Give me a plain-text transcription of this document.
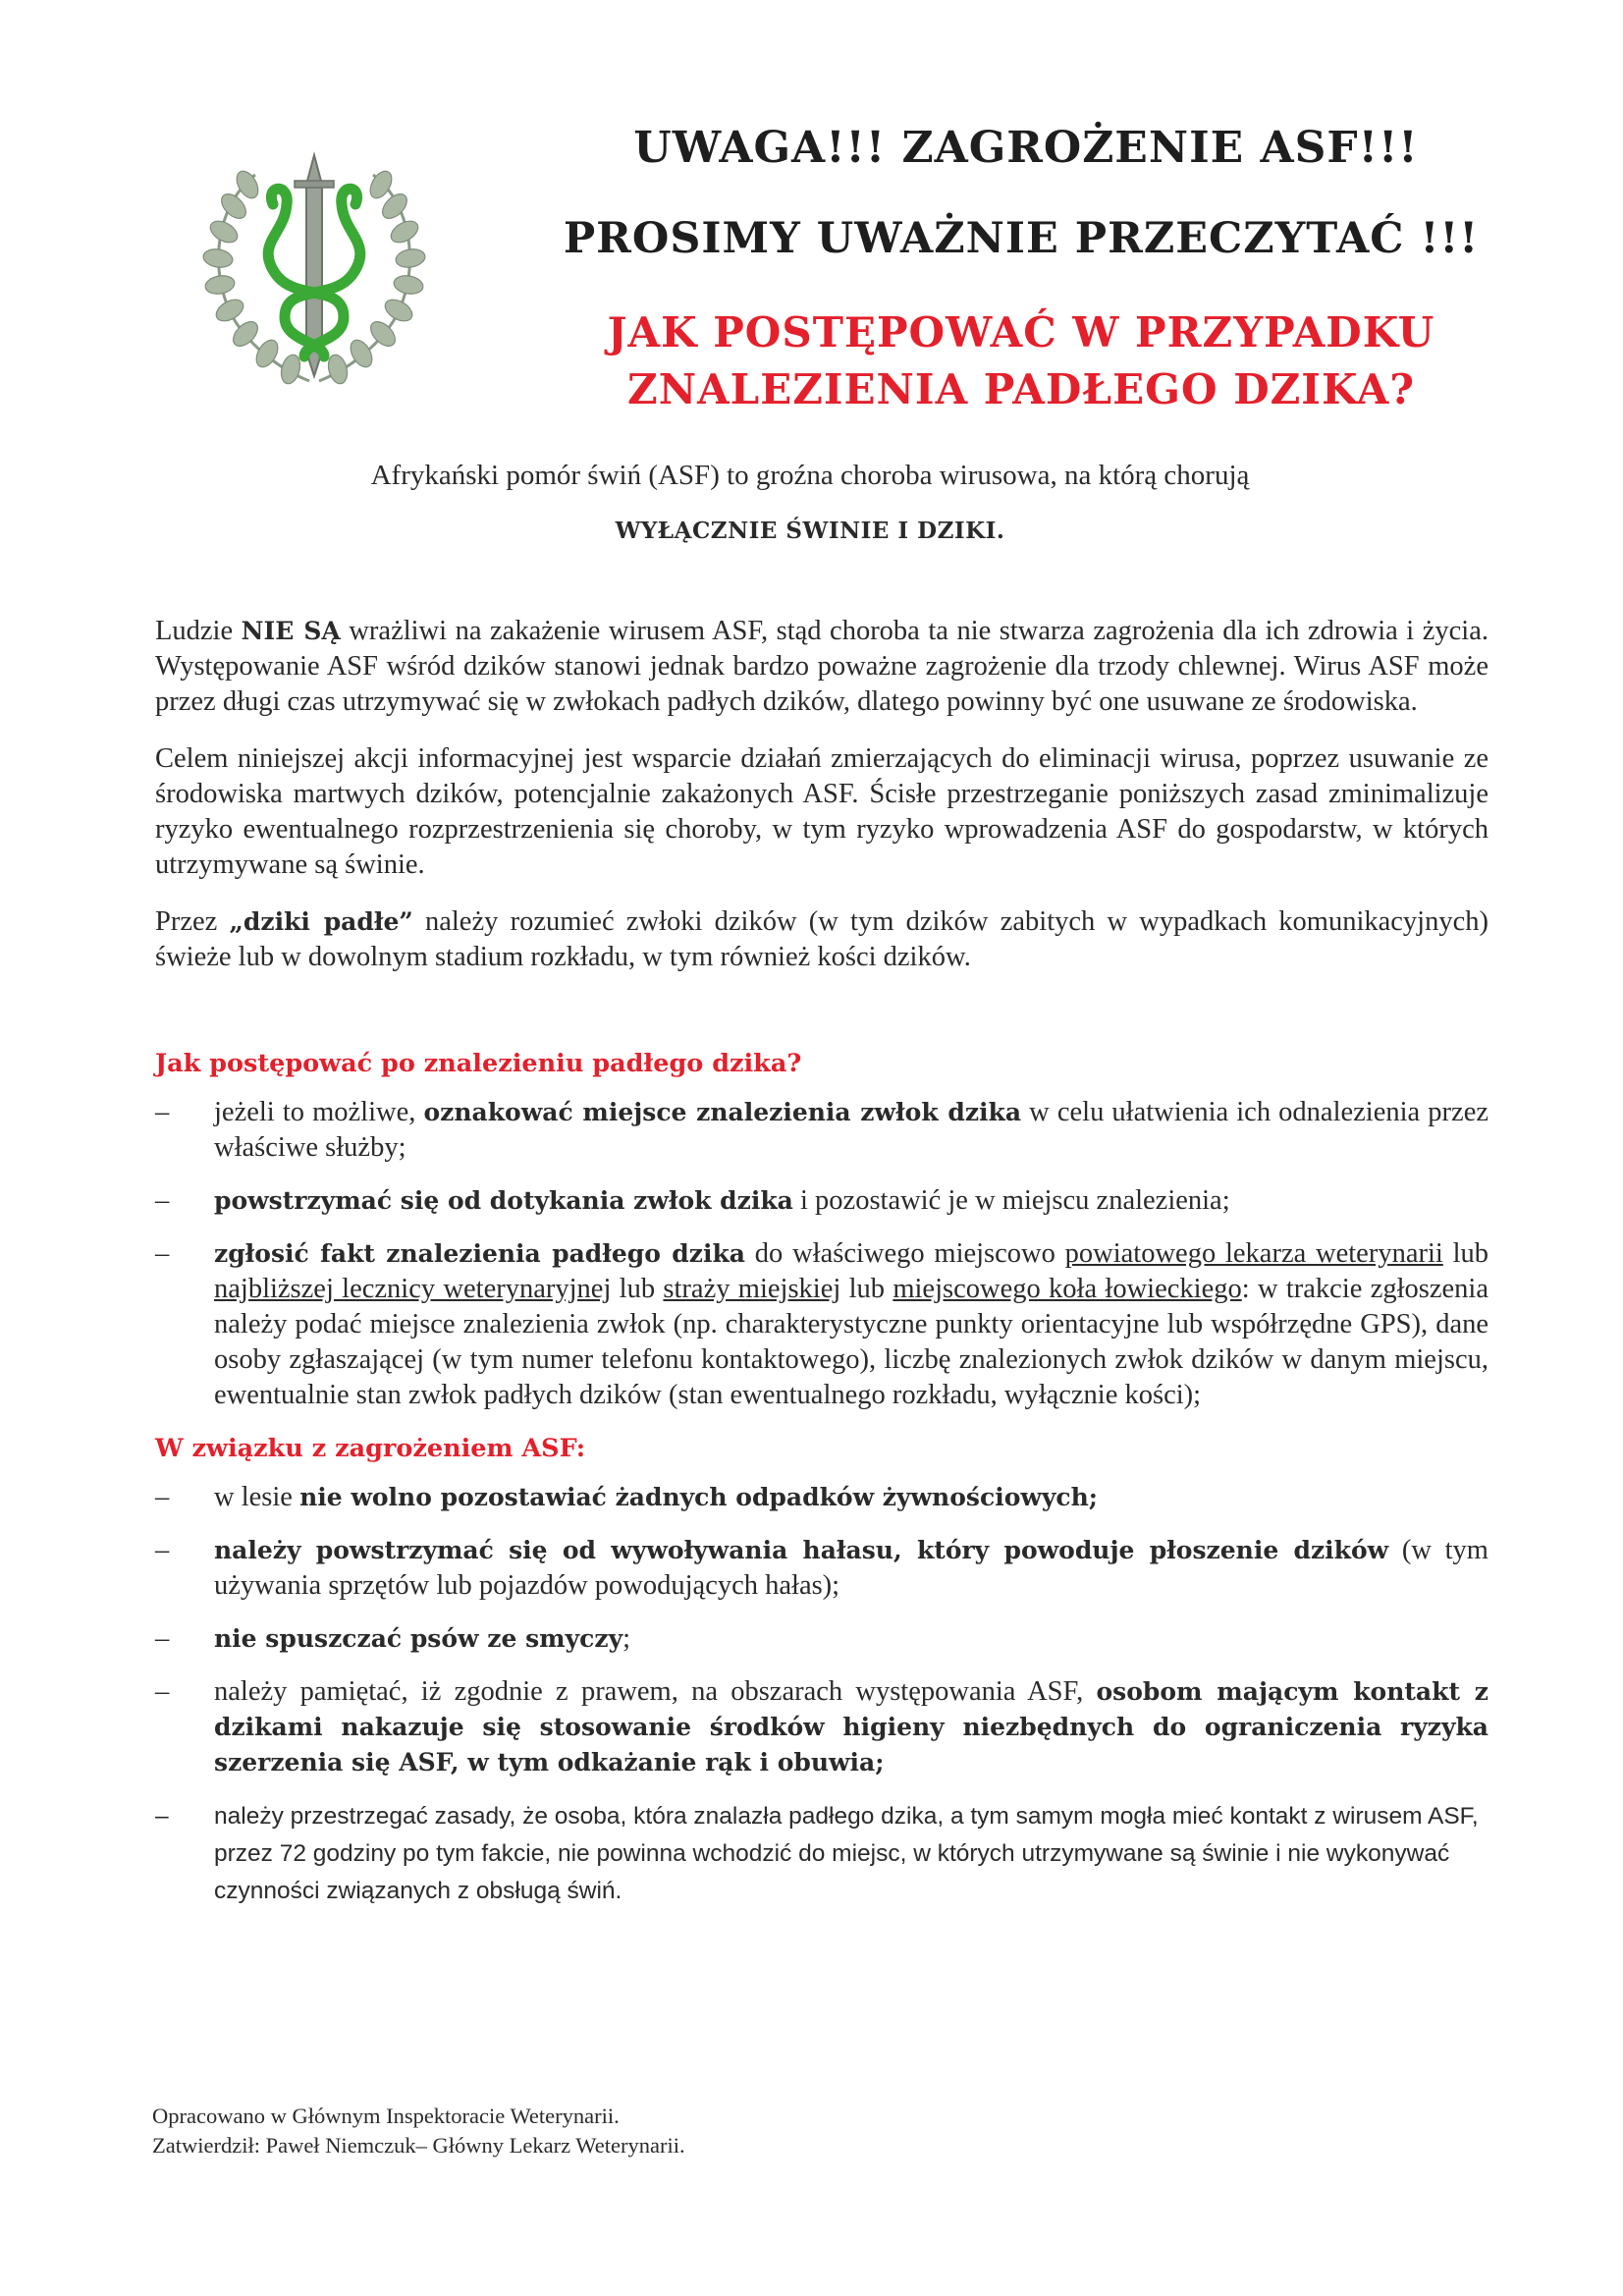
UWAGA!!! ZAGROŻENIE ASF!!!
PROSIMY UWAŻNIE PRZECZYTAĆ !!!
JAK POSTĘPOWAĆ W PRZYPADKU
ZNALEZIENIA PADŁEGO DZIKA?
Afrykański pomór świń (ASF) to groźna choroba wirusowa, na którą chorują
WYŁĄCZNIE ŚWINIE I DZIKI.

Ludzie NIE SĄ wrażliwi na zakażenie wirusem ASF, stąd choroba ta nie stwarza zagrożenia dla ich zdrowia i życia. Występowanie ASF wśród dzików stanowi jednak bardzo poważne zagrożenie dla trzody chlewnej. Wirus ASF może przez długi czas utrzymywać się w zwłokach padłych dzików, dlatego powinny być one usuwane ze środowiska.

Celem niniejszej akcji informacyjnej jest wsparcie działań zmierzających do eliminacji wirusa, poprzez usuwanie ze środowiska martwych dzików, potencjalnie zakażonych ASF. Ścisłe przestrzeganie poniższych zasad zminimalizuje ryzyko ewentualnego rozprzestrzenienia się choroby, w tym ryzyko wprowadzenia ASF do gospodarstw, w których utrzymywane są świnie.

Przez „dziki padłe” należy rozumieć zwłoki dzików (w tym dzików zabitych w wypadkach komunikacyjnych) świeże lub w dowolnym stadium rozkładu, w tym również kości dzików.

Jak postępować po znalezieniu padłego dzika?
– jeżeli to możliwe, oznakować miejsce znalezienia zwłok dzika w celu ułatwienia ich odnalezienia przez właściwe służby;
– powstrzymać się od dotykania zwłok dzika i pozostawić je w miejscu znalezienia;
– zgłosić fakt znalezienia padłego dzika do właściwego miejscowo powiatowego lekarza weterynarii lub najbliższej lecznicy weterynaryjnej lub straży miejskiej lub miejscowego koła łowieckiego: w trakcie zgłoszenia należy podać miejsce znalezienia zwłok (np. charakterystyczne punkty orientacyjne lub współrzędne GPS), dane osoby zgłaszającej (w tym numer telefonu kontaktowego), liczbę znalezionych zwłok dzików w danym miejscu, ewentualnie stan zwłok padłych dzików (stan ewentualnego rozkładu, wyłącznie kości);
W związku z zagrożeniem ASF:
– w lesie nie wolno pozostawiać żadnych odpadków żywnościowych;
– należy powstrzymać się od wywoływania hałasu, który powoduje płoszenie dzików (w tym używania sprzętów lub pojazdów powodujących hałas);
– nie spuszczać psów ze smyczy;
– należy pamiętać, iż zgodnie z prawem, na obszarach występowania ASF, osobom mającym kontakt z dzikami nakazuje się stosowanie środków higieny niezbędnych do ograniczenia ryzyka szerzenia się ASF, w tym odkażanie rąk i obuwia;
– należy przestrzegać zasady, że osoba, która znalazła padłego dzika, a tym samym mogła mieć kontakt z wirusem ASF, przez 72 godziny po tym fakcie, nie powinna wchodzić do miejsc, w których utrzymywane są świnie i nie wykonywać czynności związanych z obsługą świń.
Opracowano w Głównym Inspektoracie Weterynarii.
Zatwierdził: Paweł Niemczuk– Główny Lekarz Weterynarii.
